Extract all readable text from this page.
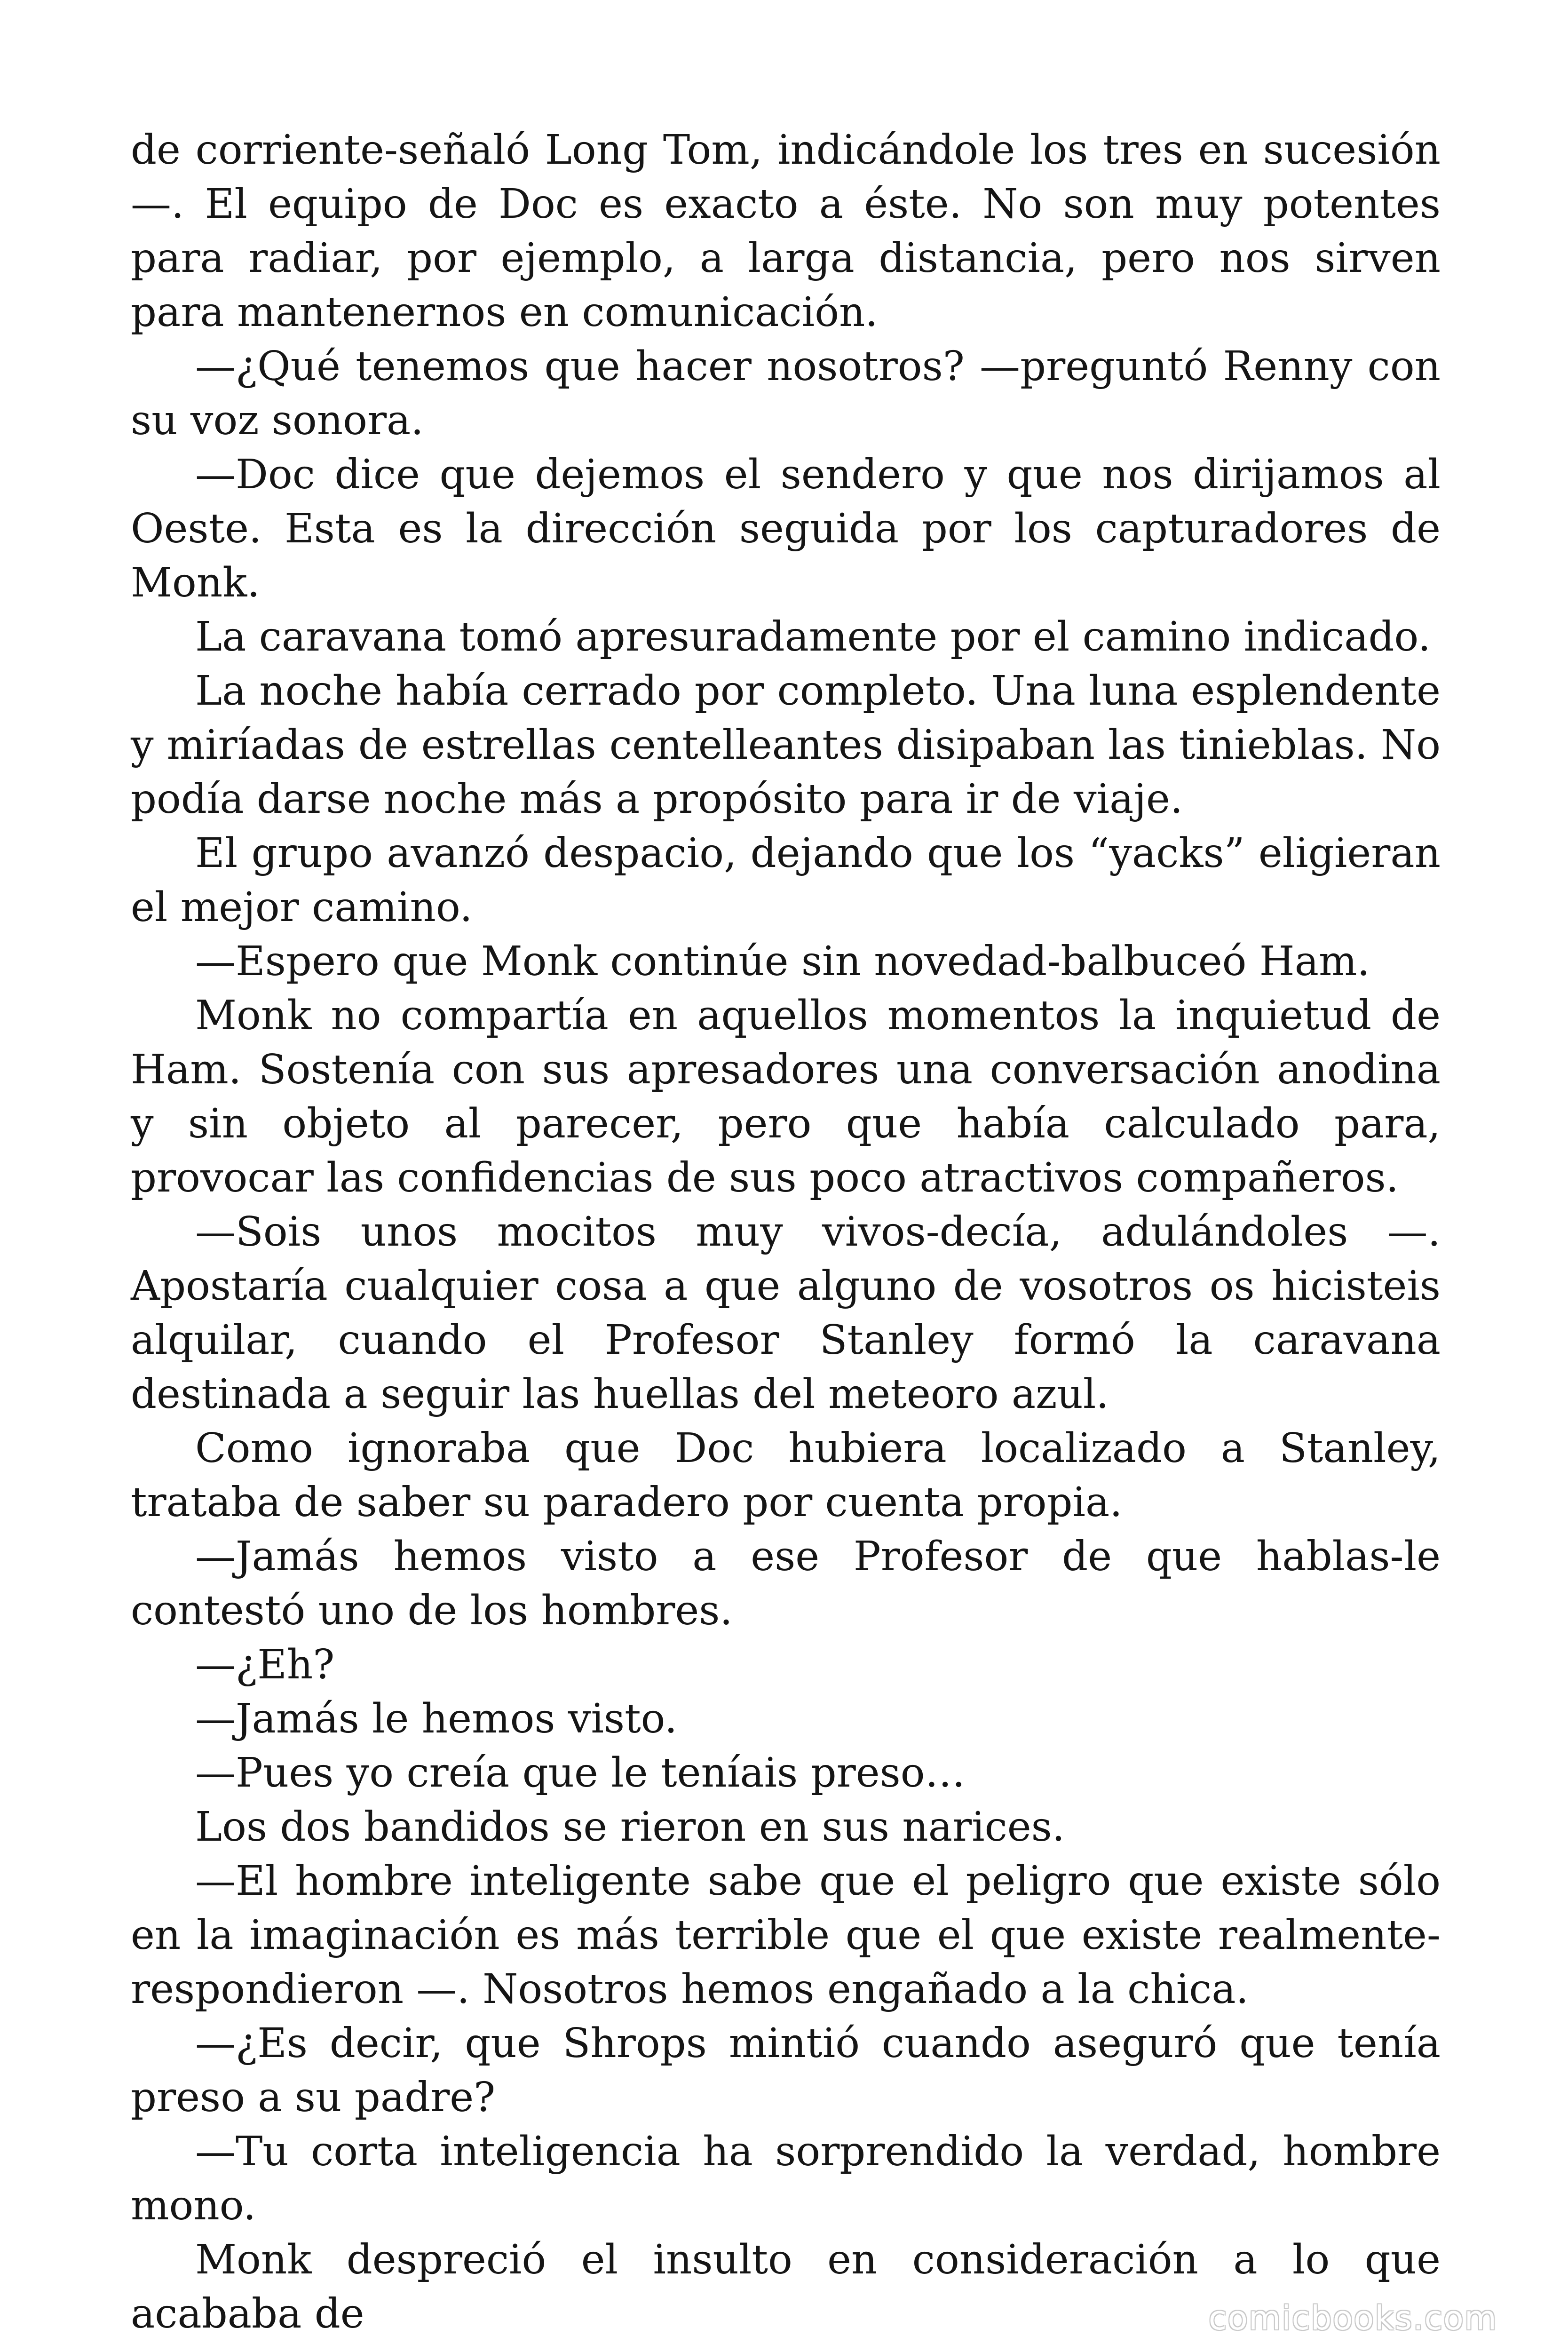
de corriente-señaló Long Tom, indicándole los tres en sucesión —. El equipo de Doc es exacto a éste. No son muy potentes para radiar, por ejemplo, a larga distancia, pero nos sirven para mantenernos en comunicación.

—¿Qué tenemos que hacer nosotros? —preguntó Renny con su voz sonora.

—Doc dice que dejemos el sendero y que nos dirijamos al Oeste. Esta es la dirección seguida por los capturadores de Monk.

La caravana tomó apresuradamente por el camino indicado.

La noche había cerrado por completo. Una luna esplendente y miríadas de estrellas centelleantes disipaban las tinieblas. No podía darse noche más a propósito para ir de viaje.

El grupo avanzó despacio, dejando que los “yacks” eligieran el mejor camino.

—Espero que Monk continúe sin novedad-balbuceó Ham.

Monk no compartía en aquellos momentos la inquietud de Ham. Sostenía con sus apresadores una conversación anodina y sin objeto al parecer, pero que había calculado para, provocar las confidencias de sus poco atractivos compañeros.

—Sois unos mocitos muy vivos-decía, adulándoles —. Apostaría cualquier cosa a que alguno de vosotros os hicisteis alquilar, cuando el Profesor Stanley formó la caravana destinada a seguir las huellas del meteoro azul.

Como ignoraba que Doc hubiera localizado a Stanley, trataba de saber su paradero por cuenta propia.

—Jamás hemos visto a ese Profesor de que hablas-le contestó uno de los hombres.

—¿Eh?

—Jamás le hemos visto.

—Pues yo creía que le teníais preso…

Los dos bandidos se rieron en sus narices.

—El hombre inteligente sabe que el peligro que existe sólo en la imaginación es más terrible que el que existe realmente-respondieron —. Nosotros hemos engañado a la chica.

—¿Es decir, que Shrops mintió cuando aseguró que tenía preso a su padre?

—Tu corta inteligencia ha sorprendido la verdad, hombre mono.

Monk despreció el insulto en consideración a lo que acababa de	comicbooks.com
